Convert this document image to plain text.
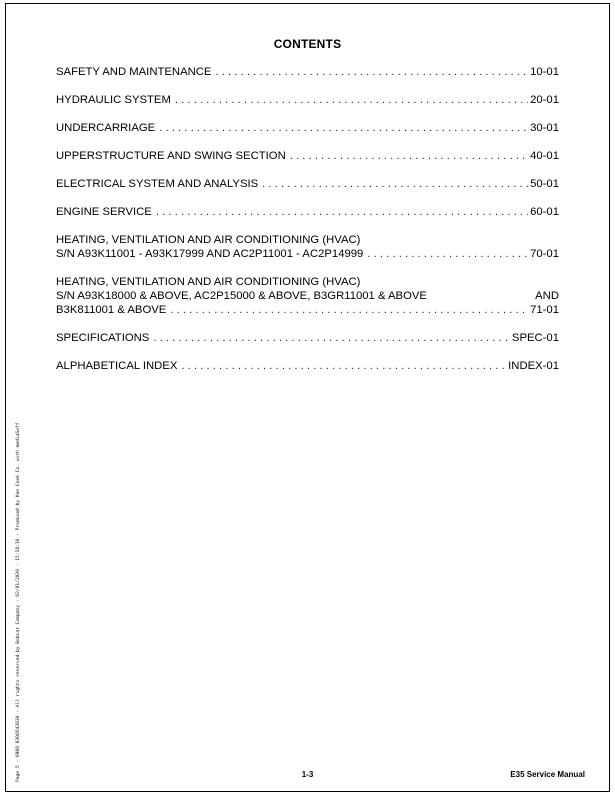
CONTENTS
SAFETY AND MAINTENANCE . . .	10-01
HYDRAULIC SYSTEM . . .	20-01
UNDERCARRIAGE . . .	30-01
UPPERSTRUCTURE AND SWING SECTION . . .	40-01
ELECTRICAL SYSTEM AND ANALYSIS . . .	50-01
ENGINE SERVICE . . .	60-01
HEATING, VENTILATION AND AIR CONDITIONING (HVAC)
S/N A93K11001 - A93K17999 AND AC2P11001 - AC2P14999 . . .	70-01
HEATING, VENTILATION AND AIR CONDITIONING (HVAC)
S/N A93K18000 & ABOVE, AC2P15000 & ABOVE, B3GR11001 & ABOVE	AND
B3K811001 & ABOVE . . .	71-01
SPECIFICATIONS . . .	SPEC-01
ALPHABETICAL INDEX . . .	INDEX-01
Page 5 - 6988 6300543030 - All rights reserved by Bobcat Company - 02/01/2020 - 15:18:16 - Produced by Ken Cook Co. with mediaSoff	1-3	E35 Service Manual
